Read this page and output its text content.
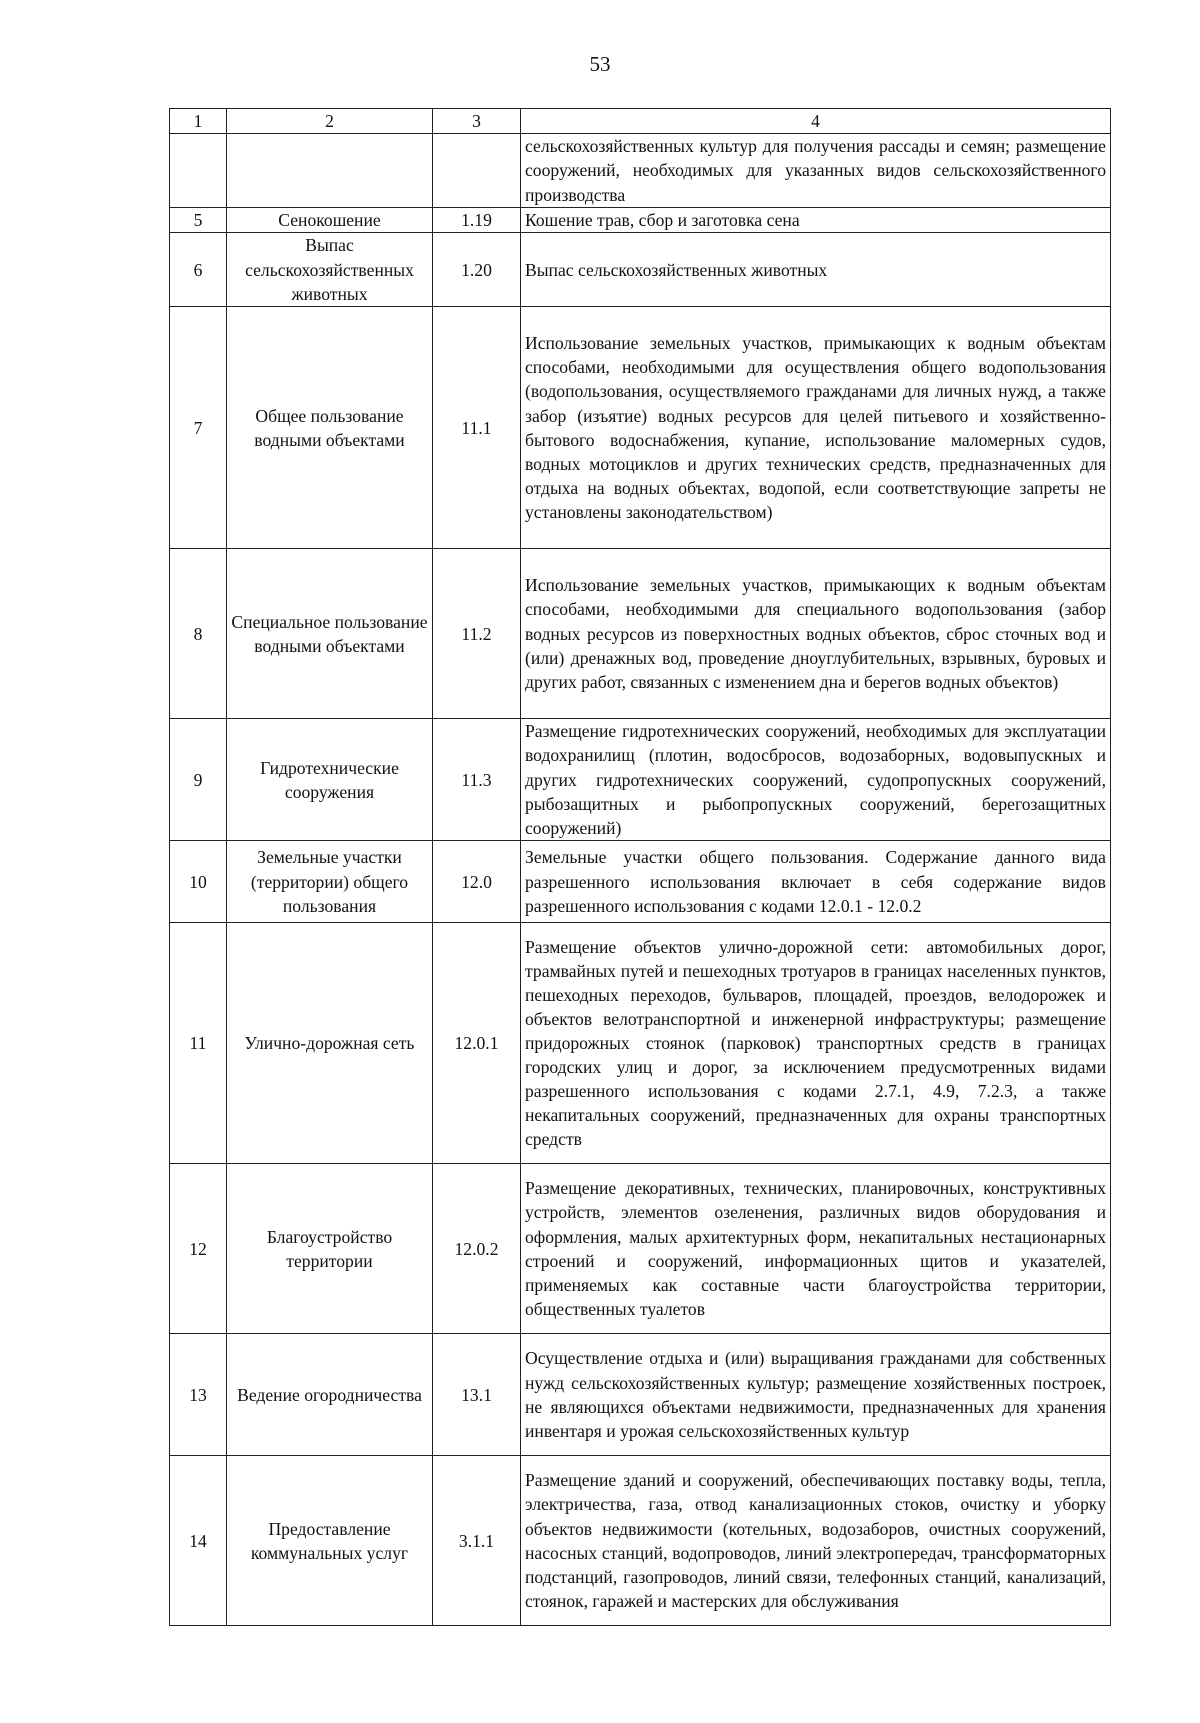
53
1	2	3	4
			сельскохозяйственных культур для получения рассады и семян; размещение сооружений, необходимых для указанных видов сельскохозяйственного производства
5	Сенокошение	1.19	Кошение трав, сбор и заготовка сена
6	Выпас сельскохозяйственных животных	1.20	Выпас сельскохозяйственных животных
7	Общее пользование водными объектами	11.1	Использование земельных участков, примыкающих к водным объектам способами, необходимыми для осуществления общего водопользования (водопользования, осуществляемого гражданами для личных нужд, а также забор (изъятие) водных ресурсов для целей питьевого и хозяйственно-бытового водоснабжения, купание, использование маломерных судов, водных мотоциклов и других технических средств, предназначенных для отдыха на водных объектах, водопой, если соответствующие запреты не установлены законодательством)
8	Специальное пользование водными объектами	11.2	Использование земельных участков, примыкающих к водным объектам способами, необходимыми для специального водопользования (забор водных ресурсов из поверхностных водных объектов, сброс сточных вод и (или) дренажных вод, проведение дноуглубительных, взрывных, буровых и других работ, связанных с изменением дна и берегов водных объектов)
9	Гидротехнические сооружения	11.3	Размещение гидротехнических сооружений, необходимых для эксплуатации водохранилищ (плотин, водосбросов, водозаборных, водовыпускных и других гидротехнических сооружений, судопропускных сооружений, рыбозащитных и рыбопропускных сооружений, берегозащитных сооружений)
10	Земельные участки (территории) общего пользования	12.0	Земельные участки общего пользования. Содержание данного вида разрешенного использования включает в себя содержание видов разрешенного использования с кодами 12.0.1 - 12.0.2
11	Улично-дорожная сеть	12.0.1	Размещение объектов улично-дорожной сети: автомобильных дорог, трамвайных путей и пешеходных тротуаров в границах населенных пунктов, пешеходных переходов, бульваров, площадей, проездов, велодорожек и объектов велотранспортной и инженерной инфраструктуры; размещение придорожных стоянок (парковок) транспортных средств в границах городских улиц и дорог, за исключением предусмотренных видами разрешенного использования с кодами 2.7.1, 4.9, 7.2.3, а также некапитальных сооружений, предназначенных для охраны транспортных средств
12	Благоустройство территории	12.0.2	Размещение декоративных, технических, планировочных, конструктивных устройств, элементов озеленения, различных видов оборудования и оформления, малых архитектурных форм, некапитальных нестационарных строений и сооружений, информационных щитов и указателей, применяемых как составные части благоустройства территории, общественных туалетов
13	Ведение огородничества	13.1	Осуществление отдыха и (или) выращивания гражданами для собственных нужд сельскохозяйственных культур; размещение хозяйственных построек, не являющихся объектами недвижимости, предназначенных для хранения инвентаря и урожая сельскохозяйственных культур
14	Предоставление коммунальных услуг	3.1.1	Размещение зданий и сооружений, обеспечивающих поставку воды, тепла, электричества, газа, отвод канализационных стоков, очистку и уборку объектов недвижимости (котельных, водозаборов, очистных сооружений, насосных станций, водопроводов, линий электропередач, трансформаторных подстанций, газопроводов, линий связи, телефонных станций, канализаций, стоянок, гаражей и мастерских для обслуживания
